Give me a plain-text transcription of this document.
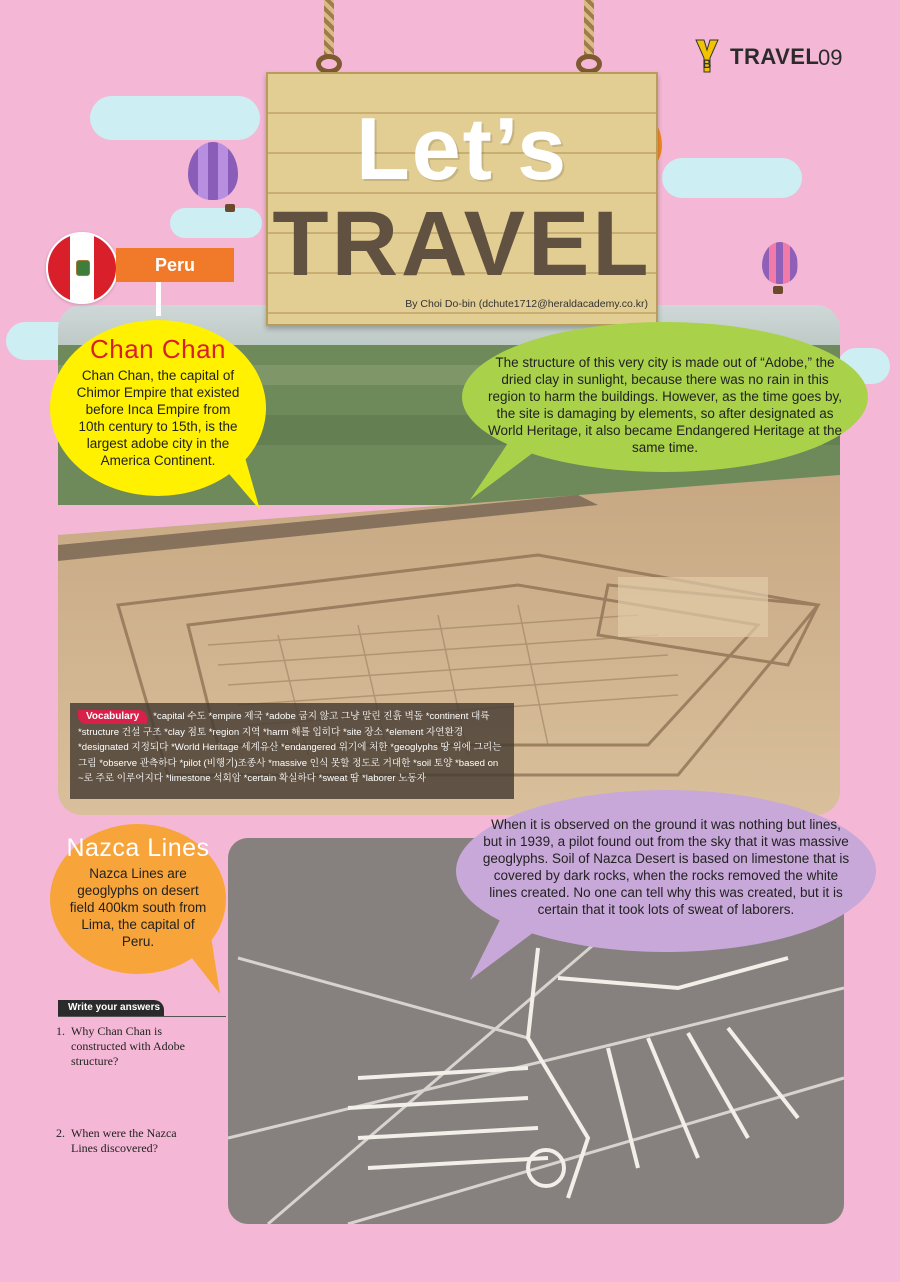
B TRAVEL
09
Let’s
TRAVEL
By Choi Do-bin (dchute1712@heraldacademy.co.kr)
Peru
Chan Chan
Chan Chan, the capital of Chimor Empire that existed before Inca Empire from 10th century to 15th, is the largest adobe city in the America Continent.
The structure of this very city is made out of “Adobe,” the dried clay in sunlight, because there was no rain in this region to harm the buildings. However, as the time goes by, the site is damaging by elements, so after designated as World Heritage, it also became Endangered Heritage at the same time.
Vocabulary *capital 수도 *empire 제국 *adobe 굽지 않고 그냥 말린 진흙 벽돌 *continent 대륙 *structure 건설 구조 *clay 점토 *region 지역 *harm 해를 입히다 *site 장소 *element 자연환경 *designated 지정되다 *World Heritage 세계유산 *endangered 위기에 처한 *geoglyphs 땅 위에 그리는 그림 *observe 관측하다 *pilot (비행기)조종사 *massive 인식 못할 정도로 거대한 *soil 토양 *based on ~로 주로 이루어지다 *limestone 석회암 *certain 확실하다 *sweat 땀 *laborer 노동자
Nazca Lines
Nazca Lines are geoglyphs on desert field 400km south from Lima, the capital of Peru.
When it is observed on the ground it was nothing but lines, but in 1939, a pilot found out from the sky that it was massive geoglyphs. Soil of Nazca Desert is based on limestone that is covered by dark rocks, when the rocks removed the white lines created. No one can tell why this was created, but it is certain that it took lots of sweat of laborers.
Write your answers
1. Why Chan Chan is constructed with Adobe structure?
2. When were the Nazca Lines discovered?
